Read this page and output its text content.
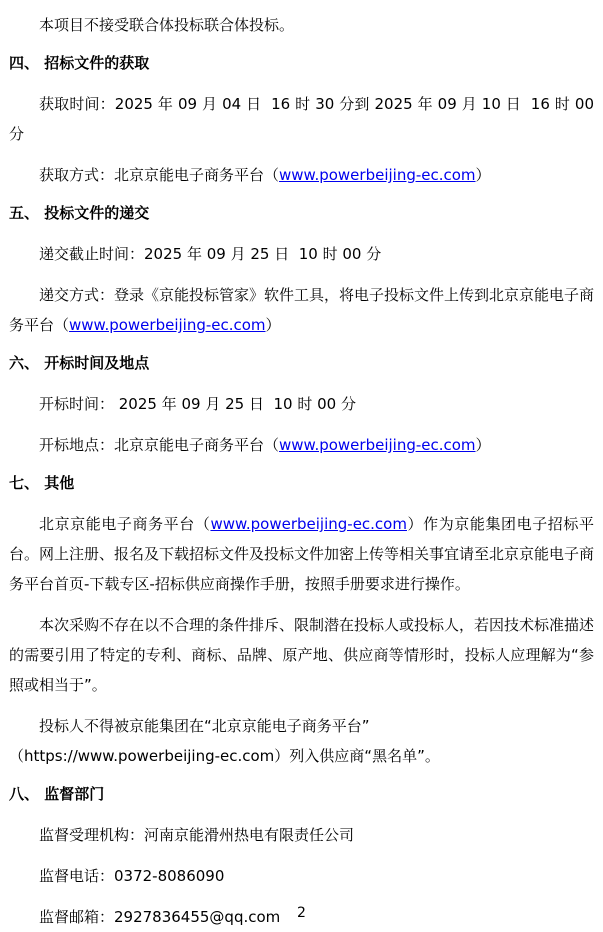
本项目不接受联合体投标联合体投标。

四、 招标文件的获取

获取时间：2025 年 09 月 04 日  16 时 30 分到 2025 年 09 月 10 日  16 时 00 分

获取方式：北京京能电子商务平台（www.powerbeijing-ec.com）

五、 投标文件的递交

递交截止时间：2025 年 09 月 25 日  10 时 00 分

递交方式：登录《京能投标管家》软件工具，将电子投标文件上传到北京京能电子商务平台（www.powerbeijing-ec.com）

六、 开标时间及地点

开标时间： 2025 年 09 月 25 日  10 时 00 分

开标地点：北京京能电子商务平台（www.powerbeijing-ec.com）

七、 其他

北京京能电子商务平台（www.powerbeijing-ec.com）作为京能集团电子招标平台。网上注册、报名及下载招标文件及投标文件加密上传等相关事宜请至北京京能电子商务平台首页-下载专区-招标供应商操作手册，按照手册要求进行操作。

本次采购不存在以不合理的条件排斥、限制潜在投标人或投标人，若因技术标准描述的需要引用了特定的专利、商标、品牌、原产地、供应商等情形时，投标人应理解为“参照或相当于”。

投标人不得被京能集团在“北京京能电子商务平台”
（https://www.powerbeijing-ec.com）列入供应商“黑名单”。

八、 监督部门

监督受理机构：河南京能滑州热电有限责任公司

监督电话：0372-8086090

监督邮箱：2927836455@qq.com	2
